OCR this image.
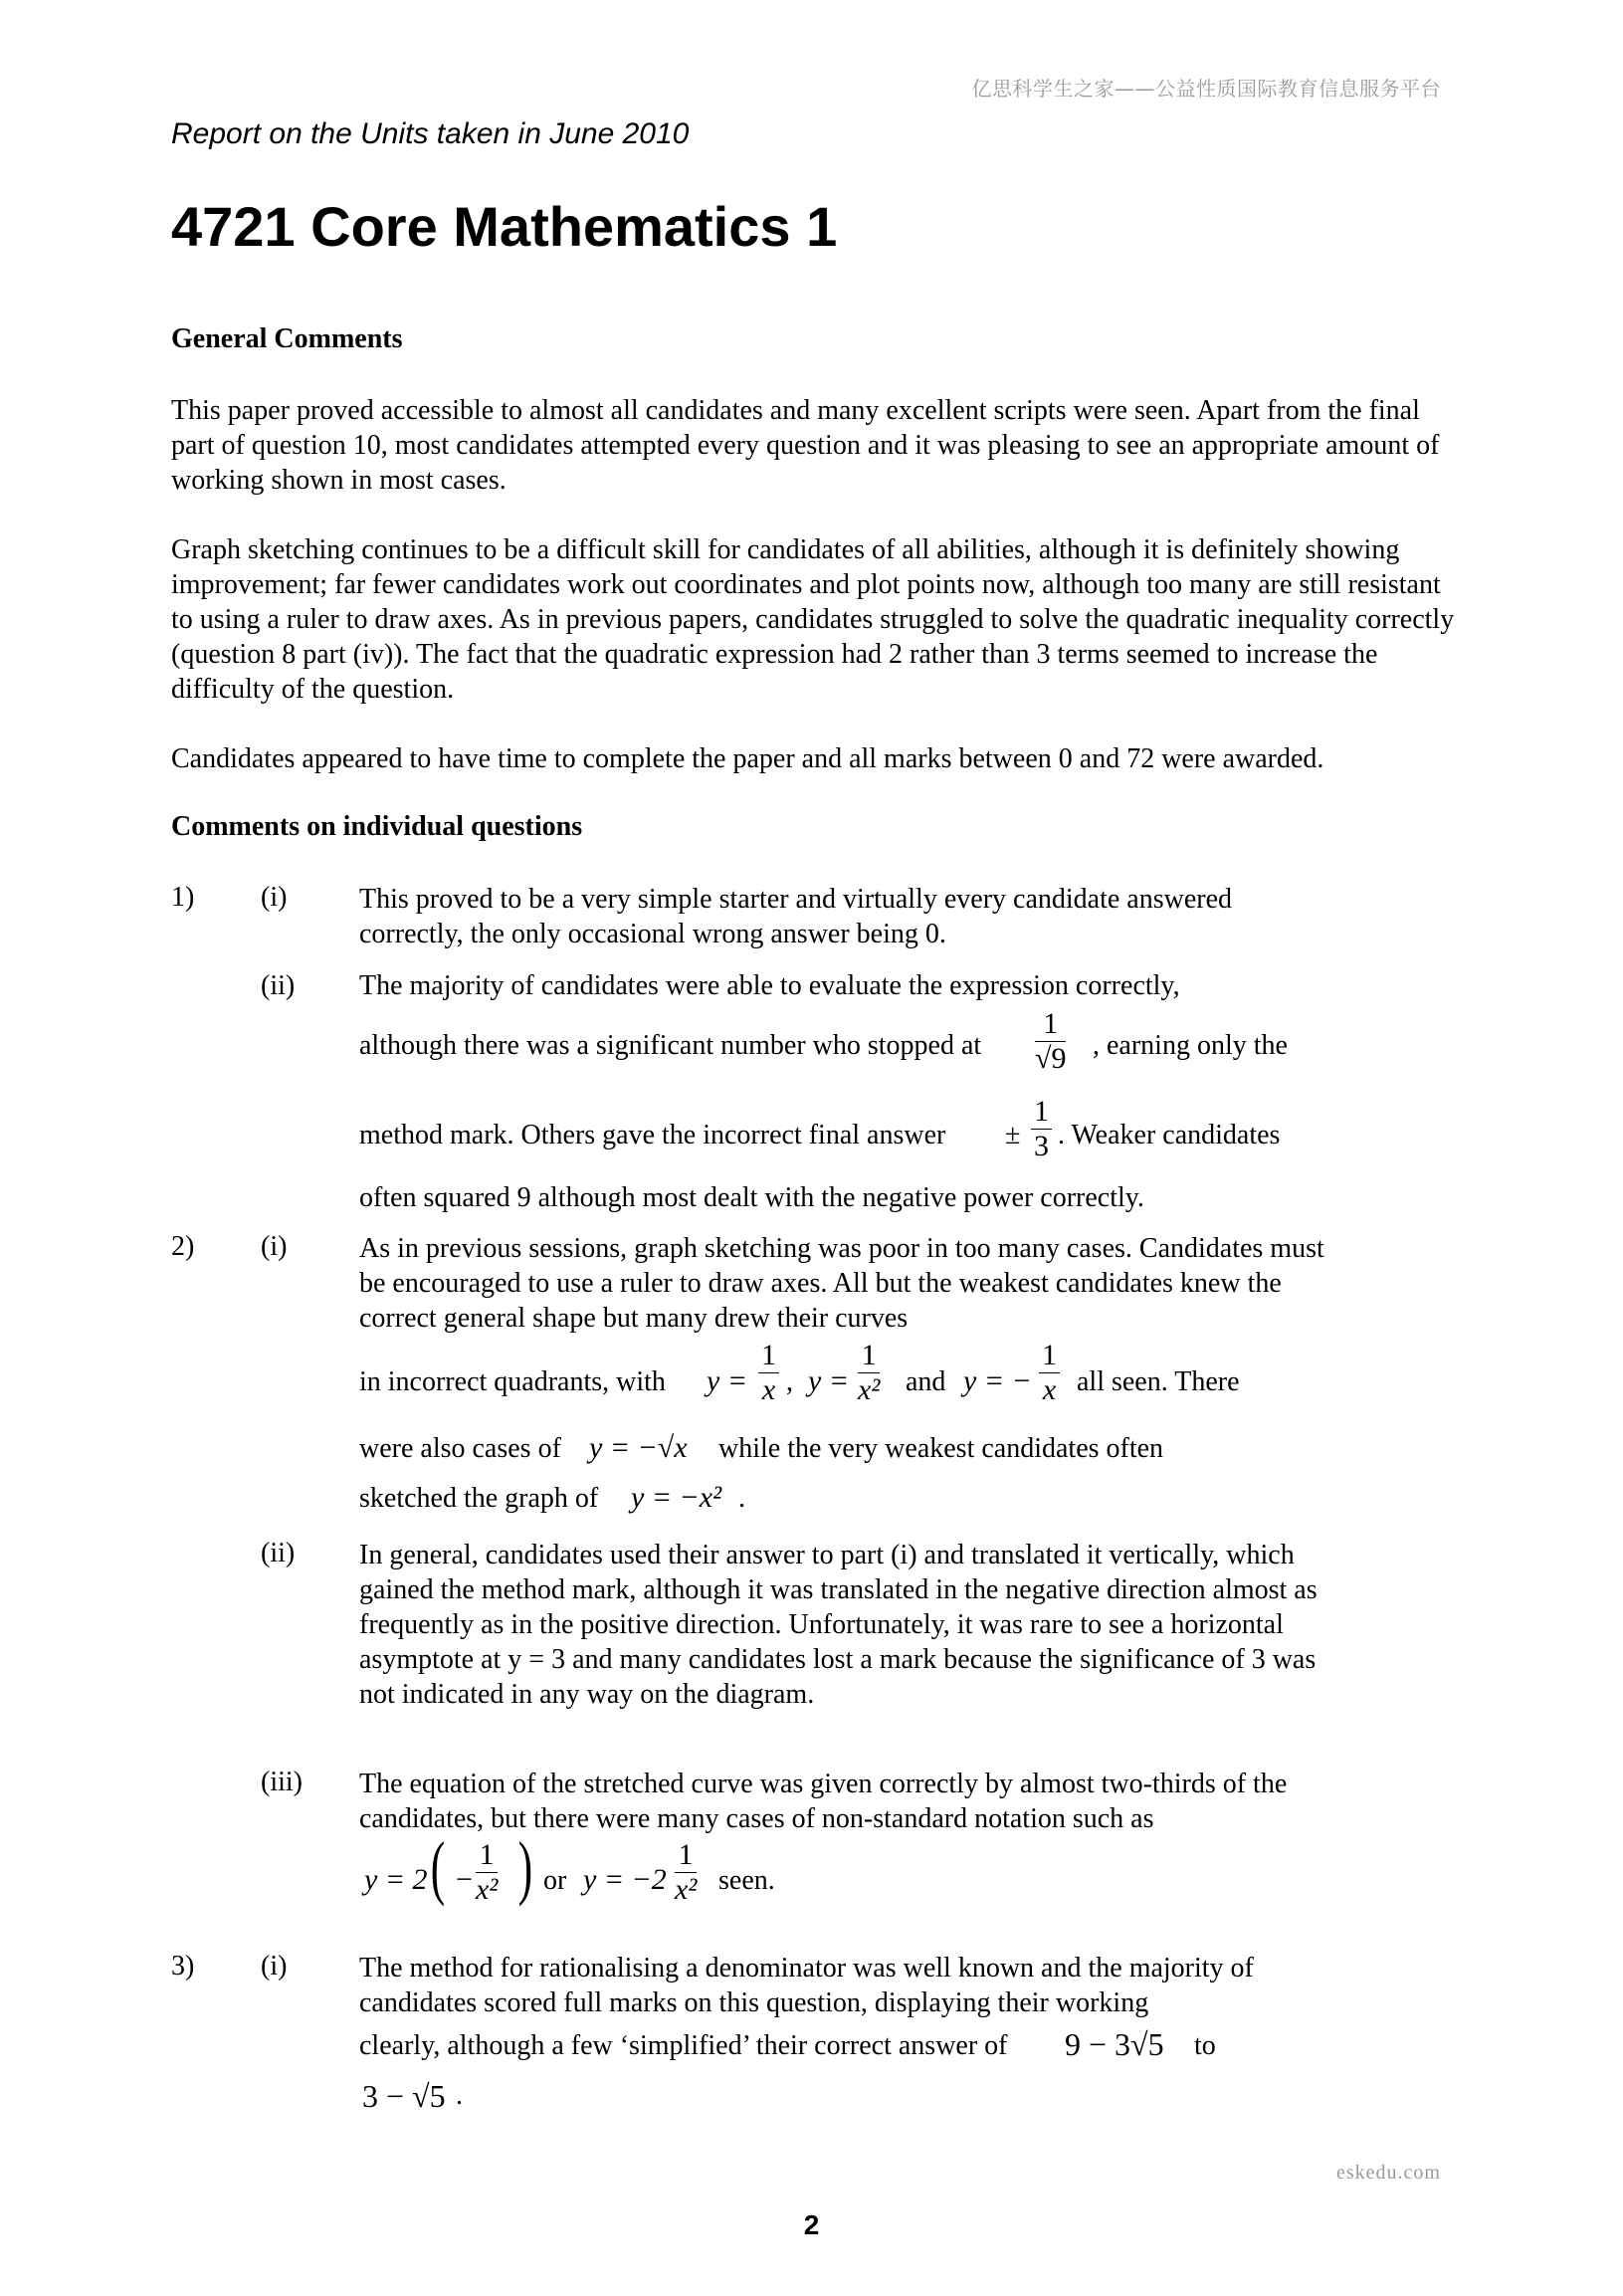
亿思科学生之家——公益性质国际教育信息服务平台
Report on the Units taken in June 2010
4721 Core Mathematics 1
General Comments

This paper proved accessible to almost all candidates and many excellent scripts were seen. Apart from the final part of question 10, most candidates attempted every question and it was pleasing to see an appropriate amount of working shown in most cases.

Graph sketching continues to be a difficult skill for candidates of all abilities, although it is definitely showing improvement; far fewer candidates work out coordinates and plot points now, although too many are still resistant to using a ruler to draw axes. As in previous papers, candidates struggled to solve the quadratic inequality correctly (question 8 part (iv)). The fact that the quadratic expression had 2 rather than 3 terms seemed to increase the difficulty of the question.

Candidates appeared to have time to complete the paper and all marks between 0 and 72 were awarded.

Comments on individual questions
1) (i)	This proved to be a very simple starter and virtually every candidate answered correctly, the only occasional wrong answer being 0.

(ii) The majority of candidates were able to evaluate the expression correctly,
although there was a significant number who stopped at $\frac{1}{√9}$ , earning only the
method mark. Others gave the incorrect final answer ± $\frac{1}{3}$ . Weaker candidates
often squared 9 although most dealt with the negative power correctly.
2) (i)	As in previous sessions, graph sketching was poor in too many cases. Candidates must be encouraged to use a ruler to draw axes. All but the weakest candidates knew the correct general shape but many drew their curves

in incorrect quadrants, with $y = \frac{1}{x}$ , $y = \frac{1}{\text{x²}}$ and y = − $\frac{1}{x}$ all seen. There
were also cases of y = −√x while the very weakest candidates often
sketched the graph of y = −x² .
(ii) In general, candidates used their answer to part (i) and translated it vertically, which gained the method mark, although it was translated in the negative direction almost as frequently as in the positive direction. Unfortunately, it was rare to see a horizontal asymptote at y = 3 and many candidates lost a mark because the significance of 3 was not indicated in any way on the diagram.

(iii) The equation of the stretched curve was given correctly by almost two-thirds of the candidates, but there were many cases of non-standard notation such as

y = 2 ( − $\frac{1}{\text{x²}}$ ) or $y = -2 \frac{1}{\text{x²}}$ seen.
3) (i)	The method for rationalising a denominator was well known and the majority of candidates scored full marks on this question, displaying their working

clearly, although a few ‘simplified’ their correct answer of 9 − 3√5 to
3 − √5 .
eskedu.com
2
